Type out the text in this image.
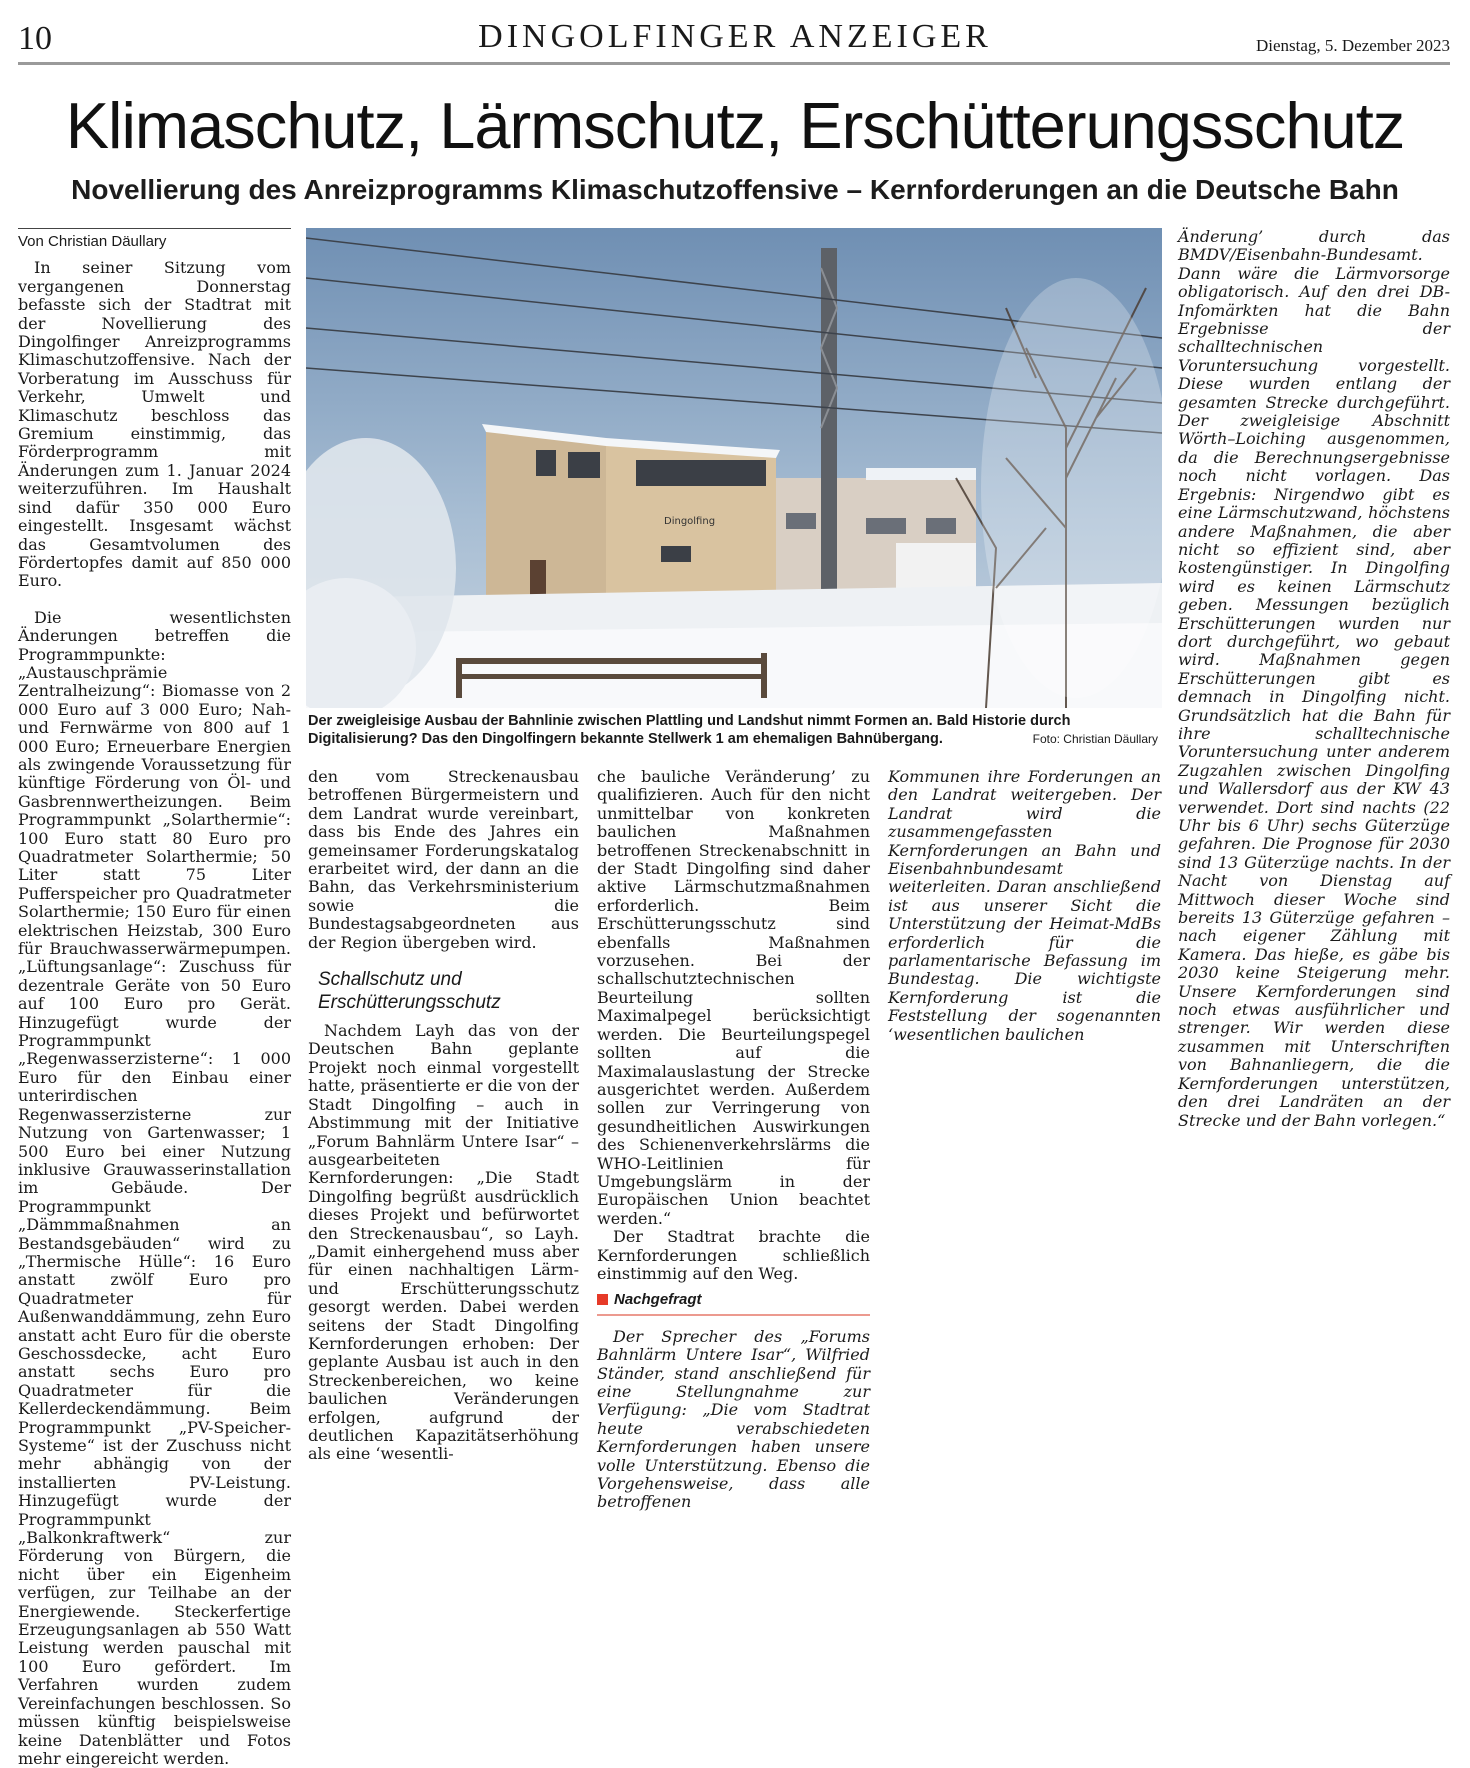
10	DINGOLFINGER ANZEIGER	Dienstag, 5. Dezember 2023
Klimaschutz, Lärmschutz, Erschütterungsschutz
Novellierung des Anreizprogramms Klimaschutzoffensive – Kernforderungen an die Deutsche Bahn
Von Christian Däullary

In seiner Sitzung vom vergangenen Donnerstag befasste sich der Stadtrat mit der Novellierung des Dingolfinger Anreizprogramms Klimaschutzoffensive. Nach der Vorberatung im Ausschuss für Verkehr, Umwelt und Klimaschutz beschloss das Gremium einstimmig, das Förderprogramm mit Änderungen zum 1. Januar 2024 weiterzuführen. Im Haushalt sind dafür 350 000 Euro eingestellt. Insgesamt wächst das Gesamtvolumen des Fördertopfes damit auf 850 000 Euro.

Die wesentlichsten Änderungen betreffen die Programmpunkte: „Austauschprämie Zentralheizung“: Biomasse von 2 000 Euro auf 3 000 Euro; Nah- und Fernwärme von 800 auf 1 000 Euro; Erneuerbare Energien als zwingende Voraussetzung für künftige Förderung von Öl- und Gasbrennwertheizungen. Beim Programmpunkt „Solarthermie“: 100 Euro statt 80 Euro pro Quadratmeter Solarthermie; 50 Liter statt 75 Liter Pufferspeicher pro Quadratmeter Solarthermie; 150 Euro für einen elektrischen Heizstab, 300 Euro für Brauchwasserwärmepumpen. „Lüftungsanlage“: Zuschuss für dezentrale Geräte von 50 Euro auf 100 Euro pro Gerät. Hinzugefügt wurde der Programmpunkt „Regenwasserzisterne“: 1 000 Euro für den Einbau einer unterirdischen Regenwasserzisterne zur Nutzung von Gartenwasser; 1 500 Euro bei einer Nutzung inklusive Grauwasserinstallation im Gebäude. Der Programmpunkt „Dämmmaßnahmen an Bestandsgebäuden“ wird zu „Thermische Hülle“: 16 Euro anstatt zwölf Euro pro Quadratmeter für Außenwanddämmung, zehn Euro anstatt acht Euro für die oberste Geschossdecke, acht Euro anstatt sechs Euro pro Quadratmeter für die Kellerdeckendämmung. Beim Programmpunkt „PV-Speicher-Systeme“ ist der Zuschuss nicht mehr abhängig von der installierten PV-Leistung. Hinzugefügt wurde der Programmpunkt „Balkonkraftwerk“ zur Förderung von Bürgern, die nicht über ein Eigenheim verfügen, zur Teilhabe an der Energiewende. Steckerfertige Erzeugungsanlagen ab 550 Watt Leistung werden pauschal mit 100 Euro gefördert. Im Verfahren wurden zudem Vereinfachungen beschlossen. So müssen künftig beispielsweise keine Datenblätter und Fotos mehr eingereicht werden.

Dingolfing
Der zweigleisige Ausbau der Bahnlinie zwischen Plattling und Landshut nimmt Formen an. Bald Historie durch Digitalisierung? Das den Dingolfingern bekannte Stellwerk 1 am ehemaligen Bahnübergang.	Foto: Christian Däullary

den vom Streckenausbau betroffenen Bürgermeistern und dem Landrat wurde vereinbart, dass bis Ende des Jahres ein gemeinsamer Forderungskatalog erarbeitet wird, der dann an die Bahn, das Verkehrsministerium sowie die Bundestagsabgeordneten aus der Region übergeben wird.

Schallschutz und Erschütterungsschutz

Nachdem Layh das von der Deutschen Bahn geplante Projekt noch einmal vorgestellt hatte, präsentierte er die von der Stadt Dingolfing – auch in Abstimmung mit der Initiative „Forum Bahnlärm Untere Isar“ – ausgearbeiteten Kernforderungen: „Die Stadt Dingolfing begrüßt ausdrücklich dieses Projekt und befürwortet den Streckenausbau“, so Layh. „Damit einhergehend muss aber für einen nachhaltigen Lärm- und Erschütterungsschutz gesorgt werden. Dabei werden seitens der Stadt Dingolfing Kernforderungen erhoben: Der geplante Ausbau ist auch in den Streckenbereichen, wo keine baulichen Veränderungen erfolgen, aufgrund der deutlichen Kapazitätserhöhung als eine ‘wesentli-

che bauliche Veränderung’ zu qualifizieren. Auch für den nicht unmittelbar von konkreten baulichen Maßnahmen betroffenen Streckenabschnitt in der Stadt Dingolfing sind daher aktive Lärmschutzmaßnahmen erforderlich. Beim Erschütterungsschutz sind ebenfalls Maßnahmen vorzusehen. Bei der schallschutztechnischen Beurteilung sollten Maximalpegel berücksichtigt werden. Die Beurteilungspegel sollten auf die Maximalauslastung der Strecke ausgerichtet werden. Außerdem sollen zur Verringerung von gesundheitlichen Auswirkungen des Schienenverkehrslärms die WHO-Leitlinien für Umgebungslärm in der Europäischen Union beachtet werden.“

Der Stadtrat brachte die Kernforderungen schließlich einstimmig auf den Weg.

Nachgefragt

Der Sprecher des „Forums Bahnlärm Untere Isar“, Wilfried Ständer, stand anschließend für eine Stellungnahme zur Verfügung: „Die vom Stadtrat heute verabschiedeten Kernforderungen haben unsere volle Unterstützung. Ebenso die Vorgehensweise, dass alle betroffenen

Kommunen ihre Forderungen an den Landrat weitergeben. Der Landrat wird die zusammengefassten Kernforderungen an Bahn und Eisenbahnbundesamt weiterleiten. Daran anschließend ist aus unserer Sicht die Unterstützung der Heimat-MdBs erforderlich für die parlamentarische Befassung im Bundestag. Die wichtigste Kernforderung ist die Feststellung der sogenannten ‘wesentlichen baulichen

Änderung’ durch das BMDV/Eisenbahn-Bundesamt. Dann wäre die Lärmvorsorge obligatorisch. Auf den drei DB-Infomärkten hat die Bahn Ergebnisse der schalltechnischen Voruntersuchung vorgestellt. Diese wurden entlang der gesamten Strecke durchgeführt. Der zweigleisige Abschnitt Wörth–Loiching ausgenommen, da die Berechnungsergebnisse noch nicht vorlagen. Das Ergebnis: Nirgendwo gibt es eine Lärmschutzwand, höchstens andere Maßnahmen, die aber nicht so effizient sind, aber kostengünstiger. In Dingolfing wird es keinen Lärmschutz geben. Messungen bezüglich Erschütterungen wurden nur dort durchgeführt, wo gebaut wird. Maßnahmen gegen Erschütterungen gibt es demnach in Dingolfing nicht. Grundsätzlich hat die Bahn für ihre schalltechnische Voruntersuchung unter anderem Zugzahlen zwischen Dingolfing und Wallersdorf aus der KW 43 verwendet. Dort sind nachts (22 Uhr bis 6 Uhr) sechs Güterzüge gefahren. Die Prognose für 2030 sind 13 Güterzüge nachts. In der Nacht von Dienstag auf Mittwoch dieser Woche sind bereits 13 Güterzüge gefahren – nach eigener Zählung mit Kamera. Das hieße, es gäbe bis 2030 keine Steigerung mehr. Unsere Kernforderungen sind noch etwas ausführlicher und strenger. Wir werden diese zusammen mit Unterschriften von Bahnanliegern, die die Kernforderungen unterstützen, den drei Landräten an der Strecke und der Bahn vorlegen.“
